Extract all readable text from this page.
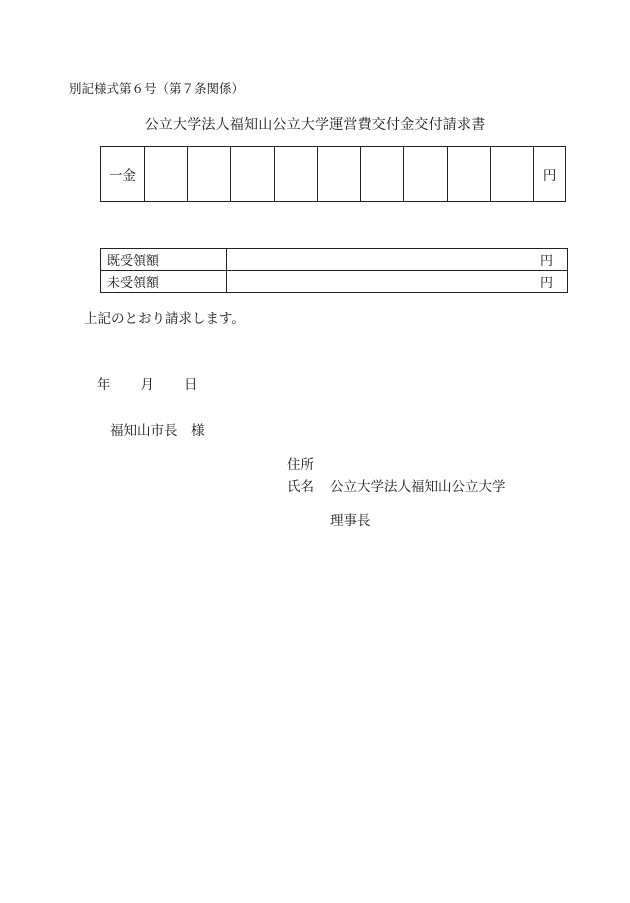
別記様式第６号（第７条関係）
公立大学法人福知山公立大学運営費交付金交付請求書
一金	円
既受領額	円
未受領額	円
上記のとおり請求します。
年 月 日
福知山市長　様
住所
氏名 公立大学法人福知山公立大学
理事長
